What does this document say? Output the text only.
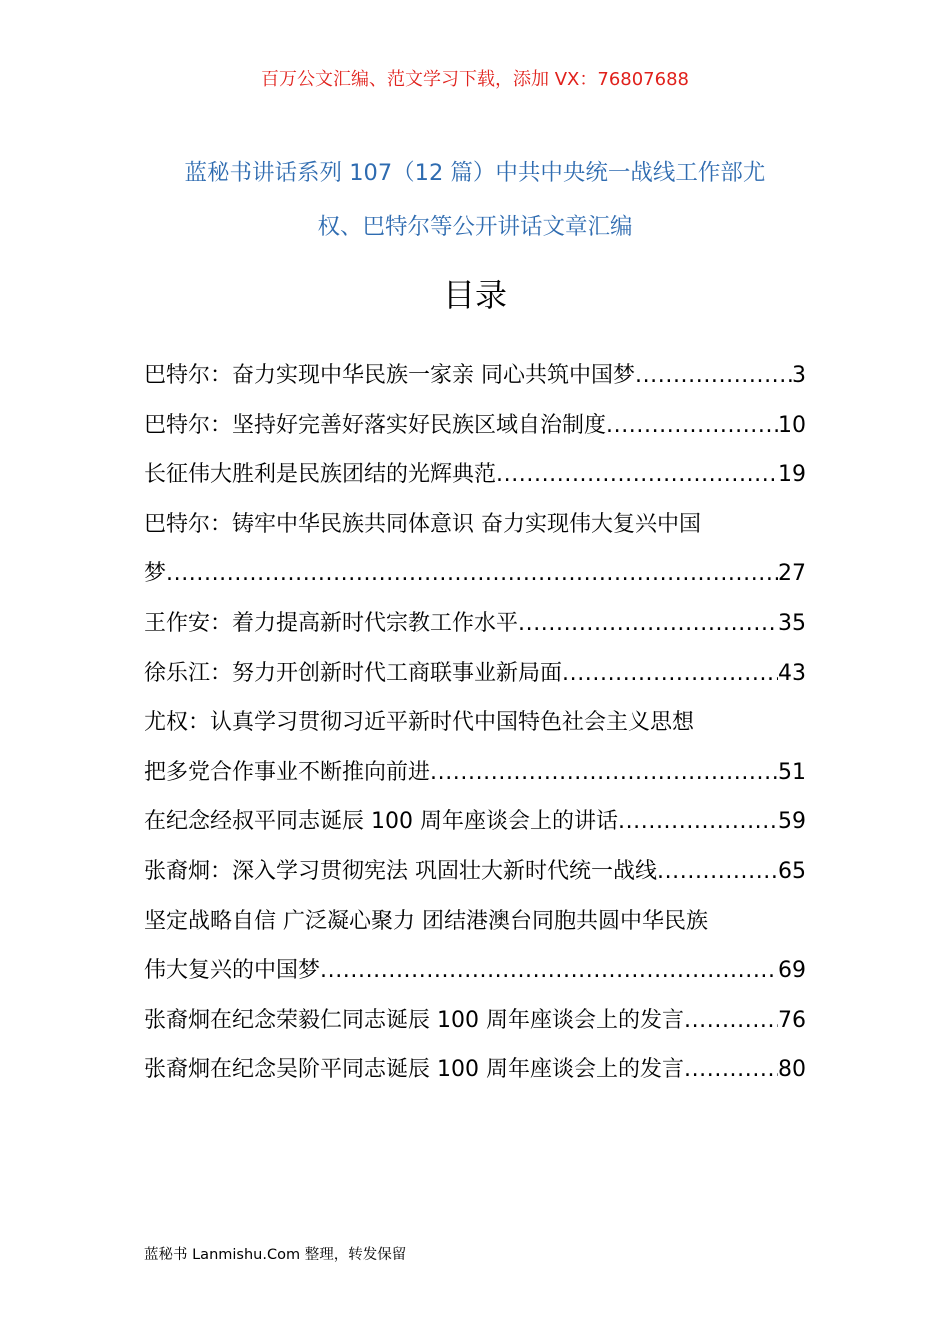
百万公文汇编、范文学习下载，添加 VX：76807688
蓝秘书讲话系列 107（12 篇）中共中央统一战线工作部尤
权、巴特尔等公开讲话文章汇编
目录
巴特尔：奋力实现中华民族一家亲 同心共筑中国梦 .....	3
巴特尔：坚持好完善好落实好民族区域自治制度 .....	10
长征伟大胜利是民族团结的光辉典范 .....	19
巴特尔：铸牢中华民族共同体意识 奋力实现伟大复兴中国
梦 .....	27
王作安：着力提高新时代宗教工作水平 .....	35
徐乐江：努力开创新时代工商联事业新局面 .....	43
尤权：认真学习贯彻习近平新时代中国特色社会主义思想
把多党合作事业不断推向前进 .....	51
在纪念经叔平同志诞辰 100 周年座谈会上的讲话 .....	59
张裔炯：深入学习贯彻宪法 巩固壮大新时代统一战线 .....	65
坚定战略自信 广泛凝心聚力 团结港澳台同胞共圆中华民族
伟大复兴的中国梦 .....	69
张裔炯在纪念荣毅仁同志诞辰 100 周年座谈会上的发言 .....	76
张裔炯在纪念吴阶平同志诞辰 100 周年座谈会上的发言 .....	80
蓝秘书 Lanmishu.Com 整理，转发保留
